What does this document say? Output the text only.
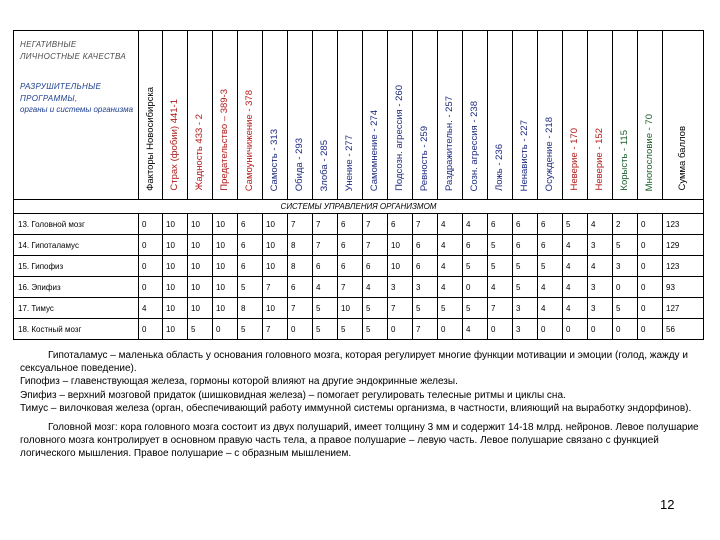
НЕГАТИВНЫЕ ЛИЧНОСТНЫЕ КАЧЕСТВА
РАЗРУШИТЕЛЬНЫЕ ПРОГРАММЫ,
органы и системы организма	Факторы Новосибирска	Страх (фобии) 441-1	Жадность 433 - 2	Предательство – 389-3	Самоуничижение - 378	Самость - 313	Обида - 293	Злоба - 285	Унение - 277	Самомнение - 274	Подсозн. агрессия - 260	Ревность - 259	Раздражительн. - 257	Созн. агрессия - 238	Ложь - 236	Ненависть - 227	Осуждение - 218	Неверие - 170	Неверие - 152	Корысть - 115	Многословие - 70	Сумма баллов

СИСТЕМЫ УПРАВЛЕНИЯ ОРГАНИЗМОМ																						
13. Головной мозг	0	10	10	10	6	10	7	7	6	7	6	7	4	4	6	6	6	5	4	2	0	123
14. Гипоталамус	0	10	10	10	6	10	8	7	6	7	10	6	4	6	5	6	6	4	3	5	0	129
15. Гипофиз	0	10	10	10	6	10	8	6	6	6	10	6	4	5	5	5	5	4	4	3	0	123
16. Эпифиз	0	10	10	10	5	7	6	4	7	4	3	3	4	0	4	5	4	4	3	0	0	93
17. Тимус	4	10	10	10	8	10	7	5	10	5	7	5	5	5	7	3	4	4	3	5	0	127
18. Костный мозг	0	10	5	0	5	7	0	5	5	5	0	7	0	4	0	3	0	0	0	0	0	56

Гипоталамус – маленька область у основания головного мозга, которая регулирует многие функции мотивации и эмоции (голод, жажду и сексуальное поведение).

Гипофиз – главенствующая железа, гормоны которой влияют на другие эндокринные железы.

Эпифиз – верхний мозговой придаток (шишковидная железа) – помогает регулировать телесные ритмы и циклы сна.

Тимус – вилочковая железа (орган, обеспечивающий работу иммунной системы организма, в частности, влияющий на выработку эндорфинов).

Головной мозг: кора головного мозга состоит из двух полушарий, имеет толщину 3 мм и содержит 14-18 млрд. нейронов. Левое полушарие головного мозга контролирует в основном правую часть тела, а правое полушарие – левую часть. Левое полушарие связано с функцией логического мышления. Правое полушарие – с образным мышлением.

12
